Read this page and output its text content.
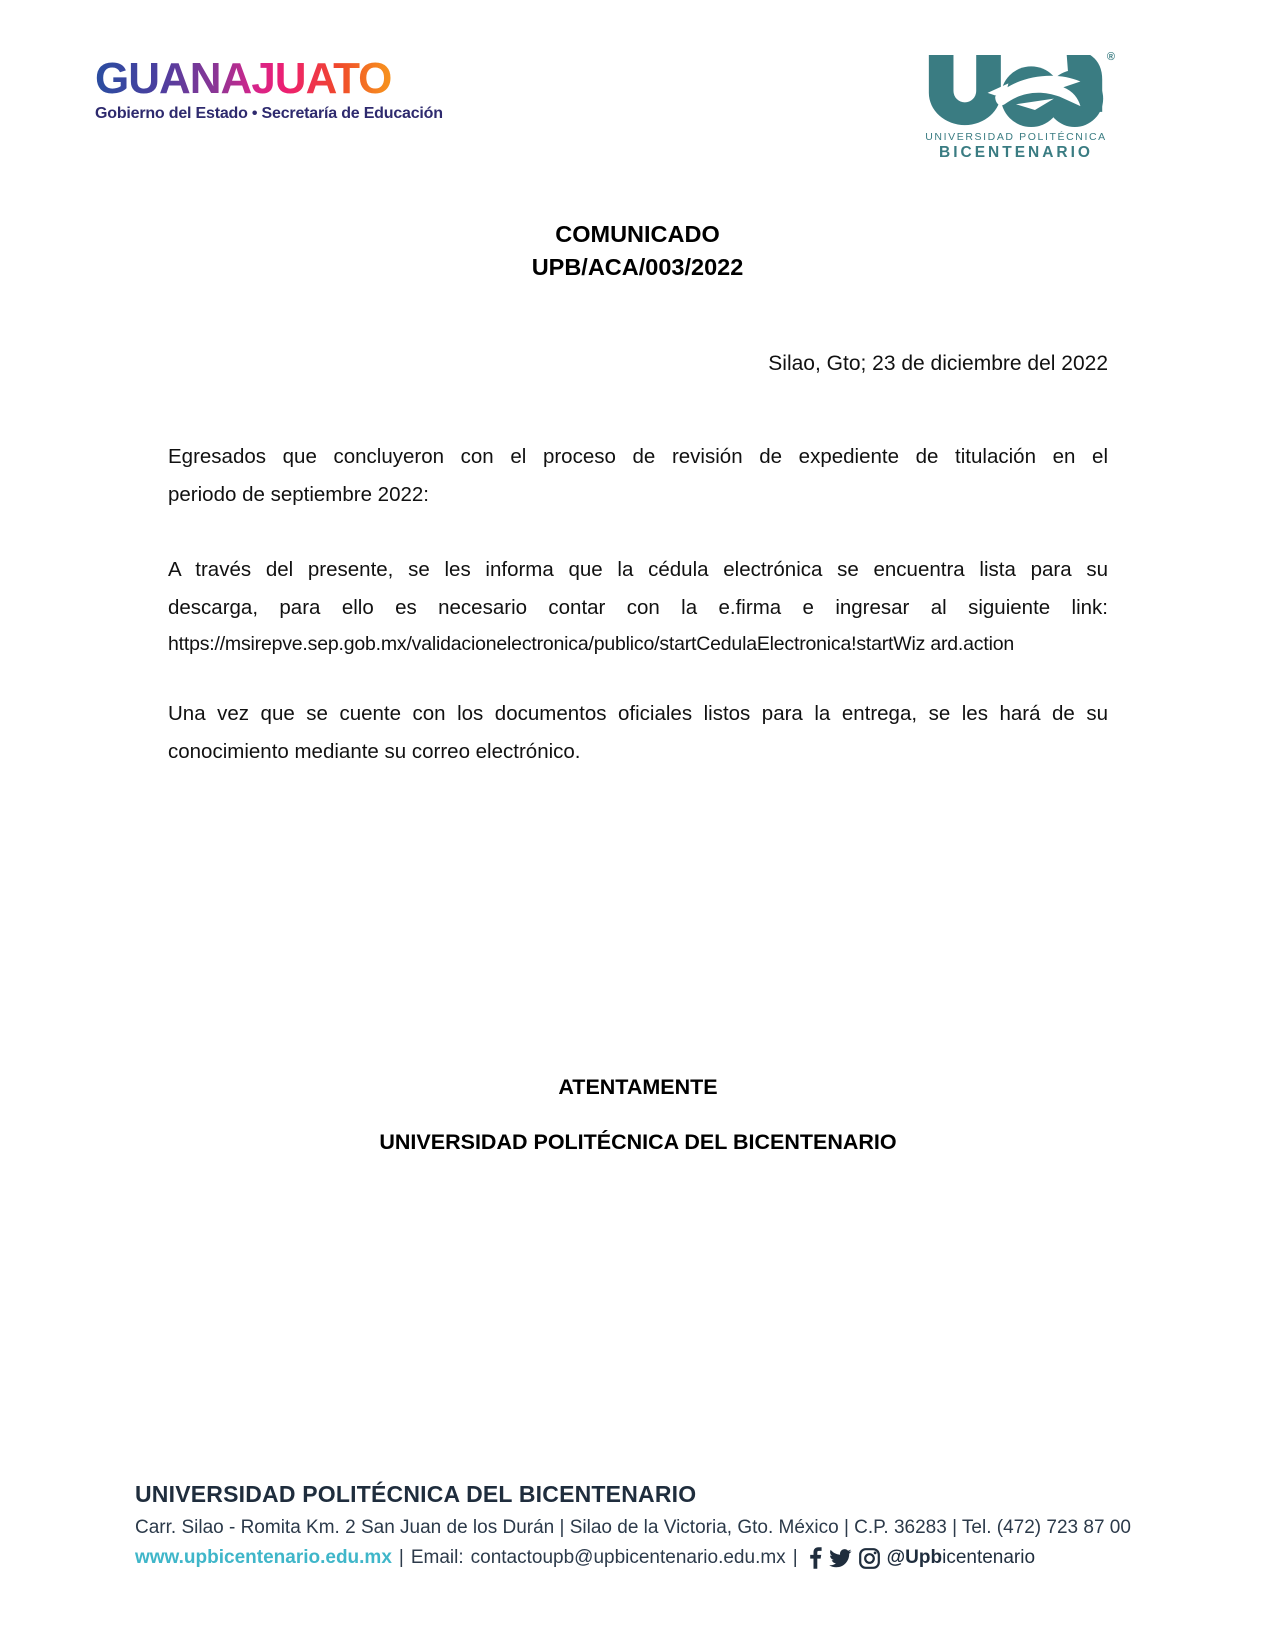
GUANAJUATO
Gobierno del Estado • Secretaría de Educación
®
UNIVERSIDAD POLITÉCNICA
BICENTENARIO
COMUNICADO
UPB/ACA/003/2022
Silao, Gto; 23 de diciembre del 2022
Egresados que concluyeron con el proceso de revisión de expediente de titulación en el
periodo de septiembre 2022:
A través del presente, se les informa que la cédula electrónica se encuentra lista para su
descarga, para ello es necesario contar con la e.firma e ingresar al siguiente link:
https://msirepve.sep.gob.mx/validacionelectronica/publico/startCedulaElectronica!startWiz ard.action
Una vez que se cuente con los documentos oficiales listos para la entrega, se les hará de su
conocimiento mediante su correo electrónico.
ATENTAMENTE
UNIVERSIDAD POLITÉCNICA DEL BICENTENARIO
UNIVERSIDAD POLITÉCNICA DEL BICENTENARIO
Carr. Silao - Romita Km. 2 San Juan de los Durán | Silao de la Victoria, Gto. México | C.P. 36283 | Tel. (472) 723 87 00
www.upbicentenario.edu.mx | Email: contactoupb@upbicentenario.edu.mx |	@Upbicentenario
